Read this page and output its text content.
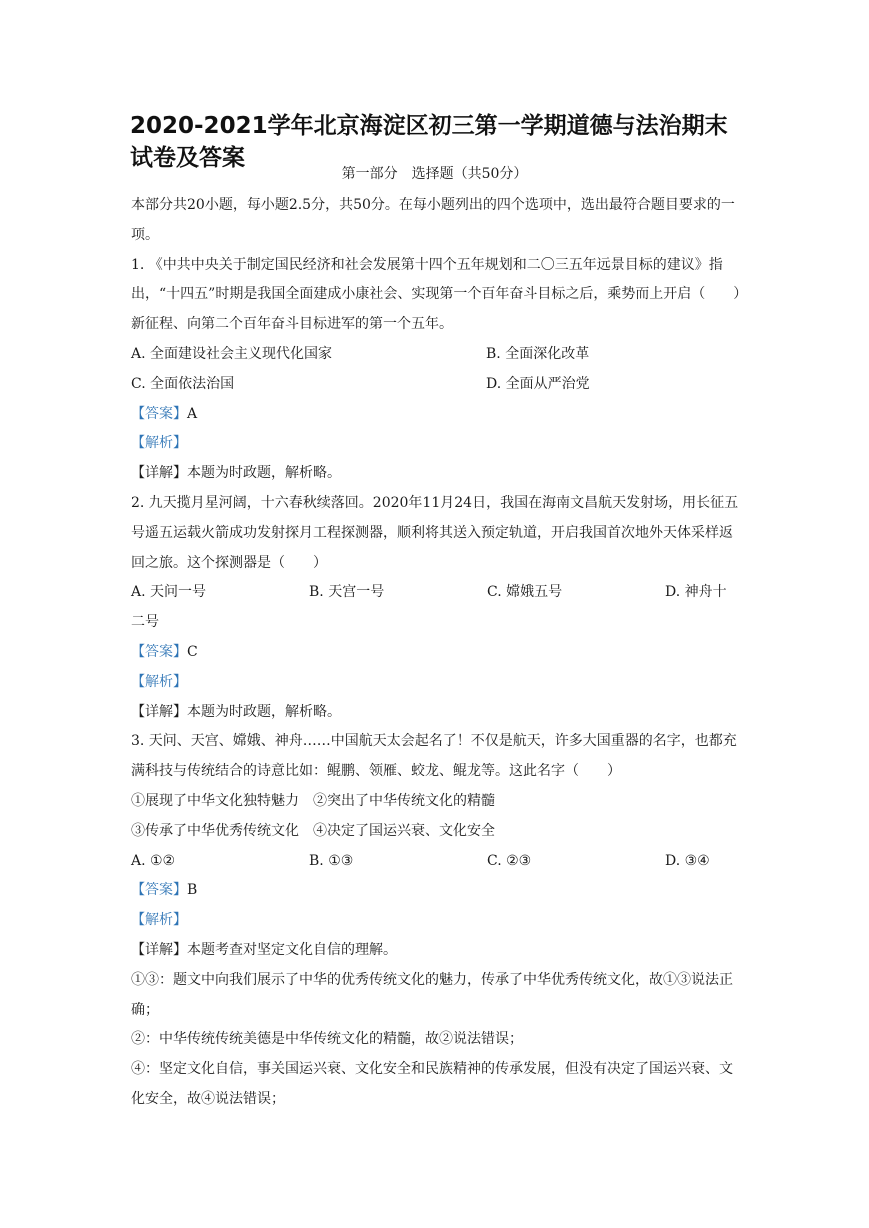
2020-2021学年北京海淀区初三第一学期道德与法治期末试卷及答案
第一部分　选择题（共50分）

本部分共20小题，每小题2.5分，共50分。在每小题列出的四个选项中，选出最符合题目要求的一项。

1. 《中共中央关于制定国民经济和社会发展第十四个五年规划和二〇三五年远景目标的建议》指出，“十四五”时期是我国全面建成小康社会、实现第一个百年奋斗目标之后，乘势而上开启（　　）新征程、向第二个百年奋斗目标进军的第一个五年。

A. 全面建设社会主义现代化国家	B. 全面深化改革
C. 全面依法治国	D. 全面从严治党

【答案】A

【解析】

【详解】本题为时政题，解析略。

2. 九天揽月星河阔，十六春秋续落回。2020年11月24日，我国在海南文昌航天发射场，用长征五号遥五运载火箭成功发射探月工程探测器，顺利将其送入预定轨道，开启我国首次地外天体采样返回之旅。这个探测器是（　　）

A. 天问一号	B. 天宫一号	C. 嫦娥五号	D. 神舟十

二号

【答案】C

【解析】

【详解】本题为时政题，解析略。

3. 天问、天宫、嫦娥、神舟……中国航天太会起名了！不仅是航天，许多大国重器的名字，也都充满科技与传统结合的诗意比如：鲲鹏、领雁、蛟龙、鲲龙等。这此名字（　　）

①展现了中华文化独特魅力　②突出了中华传统文化的精髓

③传承了中华优秀传统文化　④决定了国运兴衰、文化安全

A. ①②	B. ①③	C. ②③	D. ③④

【答案】B

【解析】

【详解】本题考查对坚定文化自信的理解。

①③：题文中向我们展示了中华的优秀传统文化的魅力，传承了中华优秀传统文化，故①③说法正确；

②：中华传统传统美德是中华传统文化的精髓，故②说法错误；

④：坚定文化自信，事关国运兴衰、文化安全和民族精神的传承发展，但没有决定了国运兴衰、文化安全，故④说法错误；
